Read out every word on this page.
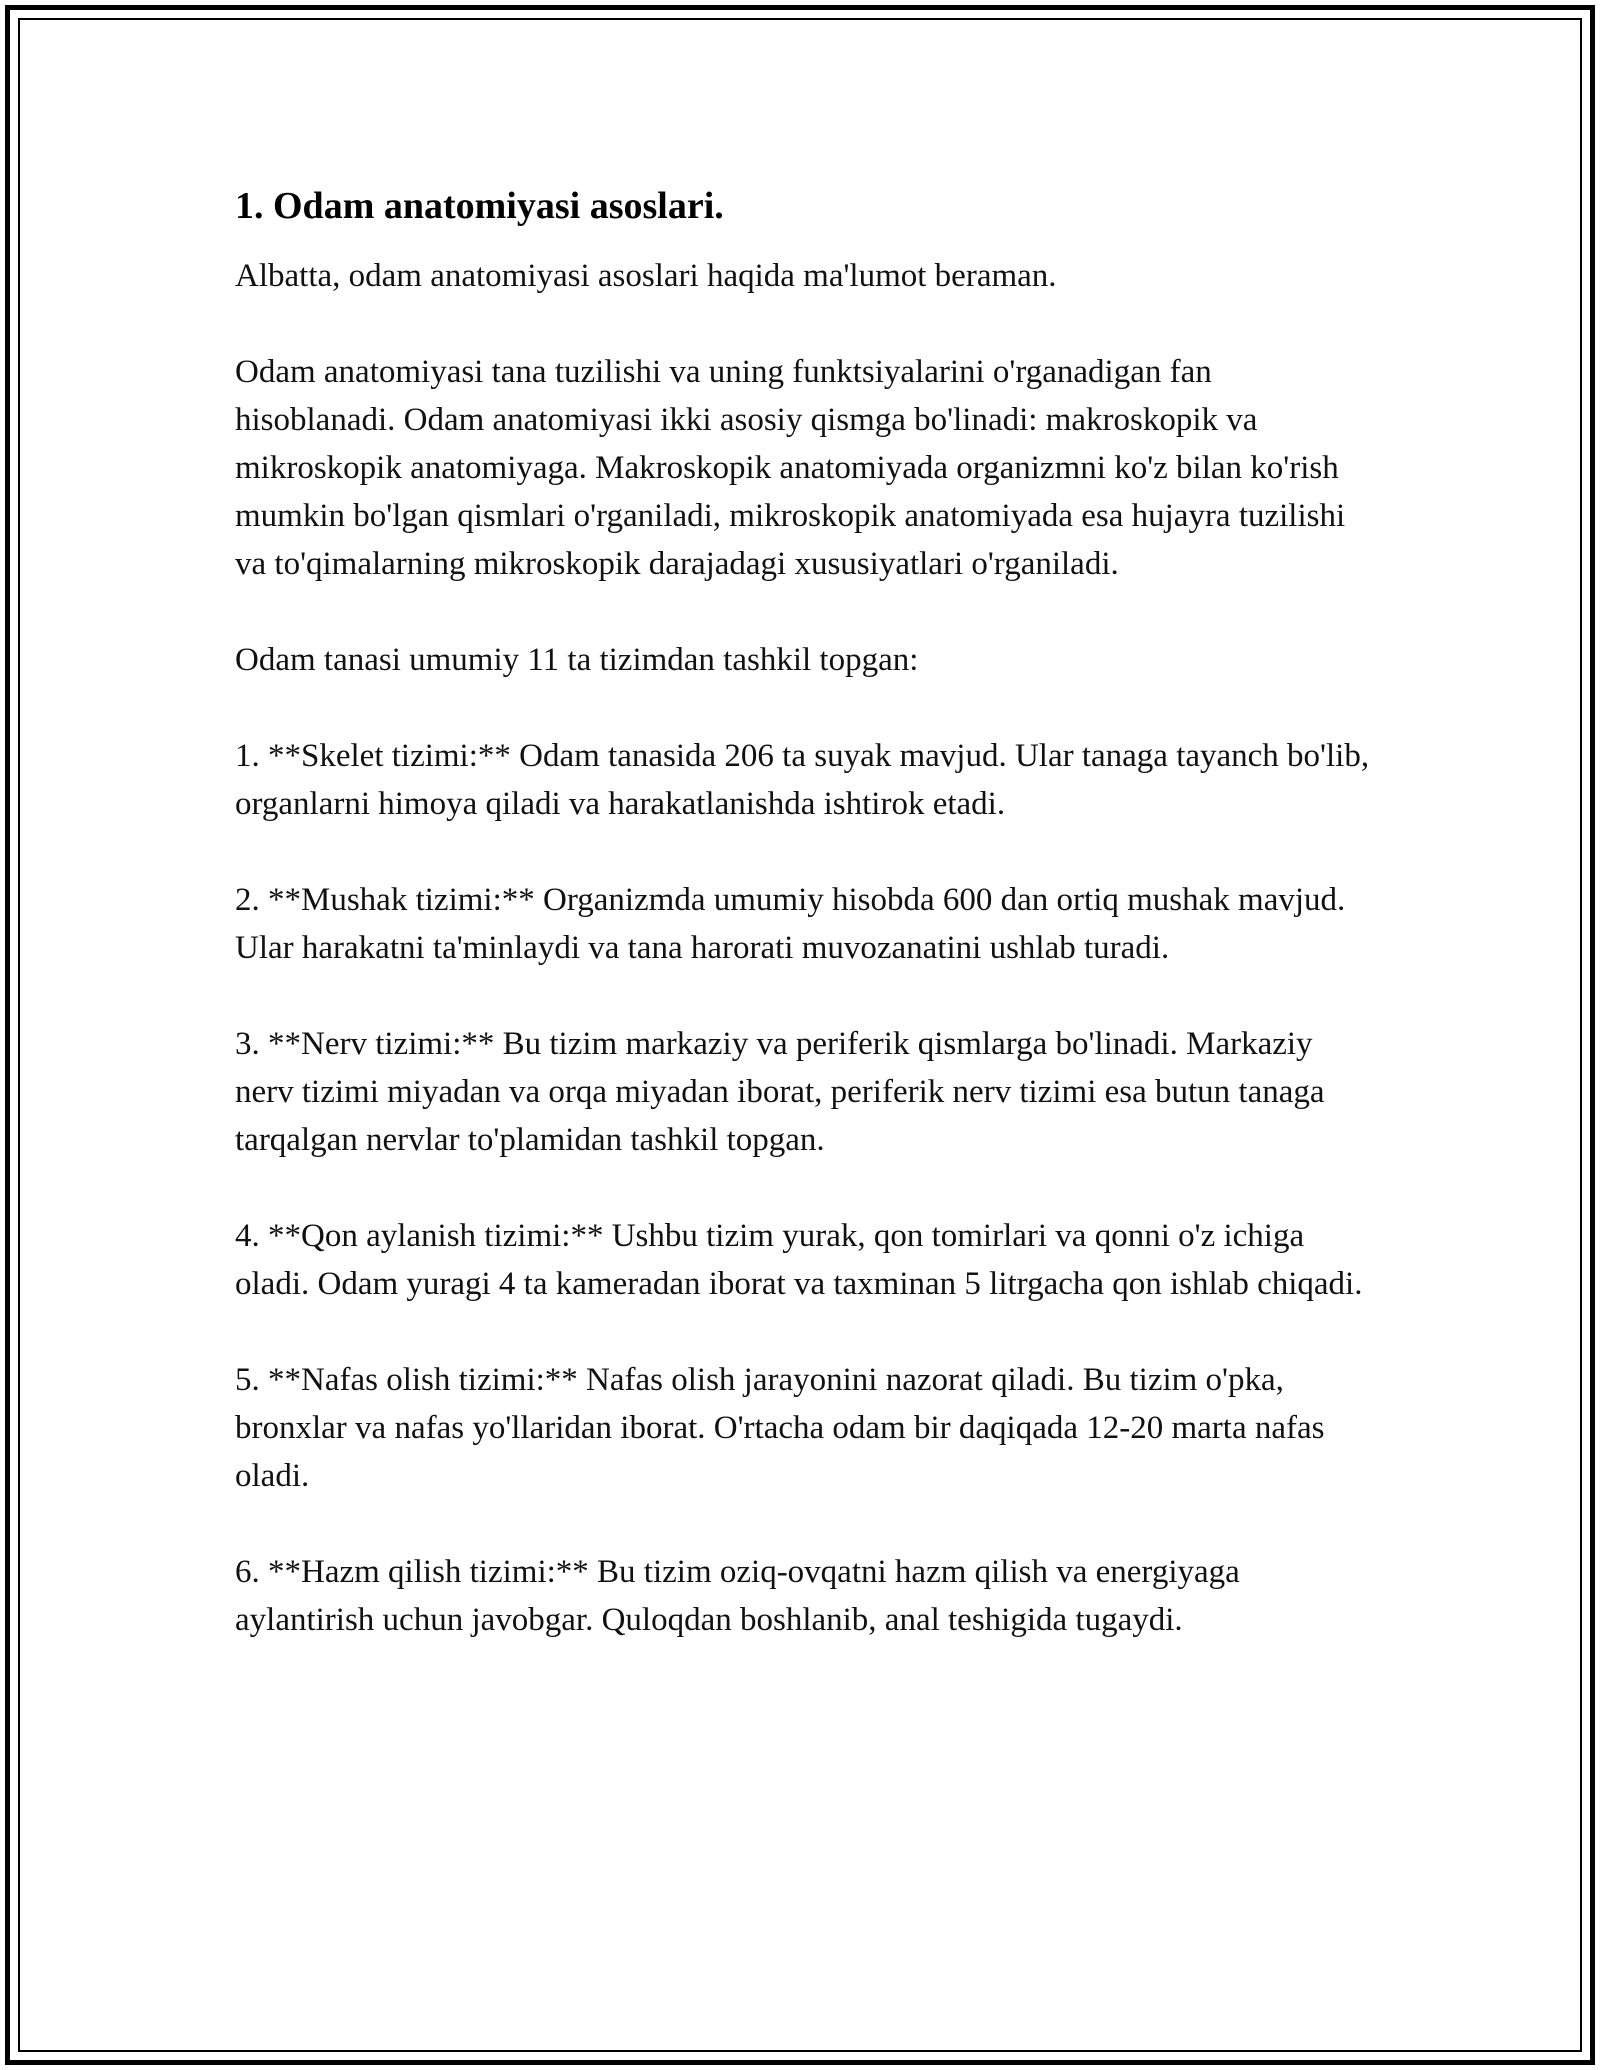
1. Odam anatomiyasi asoslari.

Albatta, odam anatomiyasi asoslari haqida ma'lumot beraman.

Odam anatomiyasi tana tuzilishi va uning funktsiyalarini o'rganadigan fan hisoblanadi. Odam anatomiyasi ikki asosiy qismga bo'linadi: makroskopik va mikroskopik anatomiyaga. Makroskopik anatomiyada organizmni ko'z bilan ko'rish mumkin bo'lgan qismlari o'rganiladi, mikroskopik anatomiyada esa hujayra tuzilishi va to'qimalarning mikroskopik darajadagi xususiyatlari o'rganiladi.

Odam tanasi umumiy 11 ta tizimdan tashkil topgan:

1. **Skelet tizimi:** Odam tanasida 206 ta suyak mavjud. Ular tanaga tayanch bo'lib, organlarni himoya qiladi va harakatlanishda ishtirok etadi.

2. **Mushak tizimi:** Organizmda umumiy hisobda 600 dan ortiq mushak mavjud. Ular harakatni ta'minlaydi va tana harorati muvozanatini ushlab turadi.

3. **Nerv tizimi:** Bu tizim markaziy va periferik qismlarga bo'linadi. Markaziy nerv tizimi miyadan va orqa miyadan iborat, periferik nerv tizimi esa butun tanaga tarqalgan nervlar to'plamidan tashkil topgan.

4. **Qon aylanish tizimi:** Ushbu tizim yurak, qon tomirlari va qonni o'z ichiga oladi. Odam yuragi 4 ta kameradan iborat va taxminan 5 litrgacha qon ishlab chiqadi.

5. **Nafas olish tizimi:** Nafas olish jarayonini nazorat qiladi. Bu tizim o'pka, bronxlar va nafas yo'llaridan iborat. O'rtacha odam bir daqiqada 12-20 marta nafas oladi.

6. **Hazm qilish tizimi:** Bu tizim oziq-ovqatni hazm qilish va energiyaga aylantirish uchun javobgar. Quloqdan boshlanib, anal teshigida tugaydi.
